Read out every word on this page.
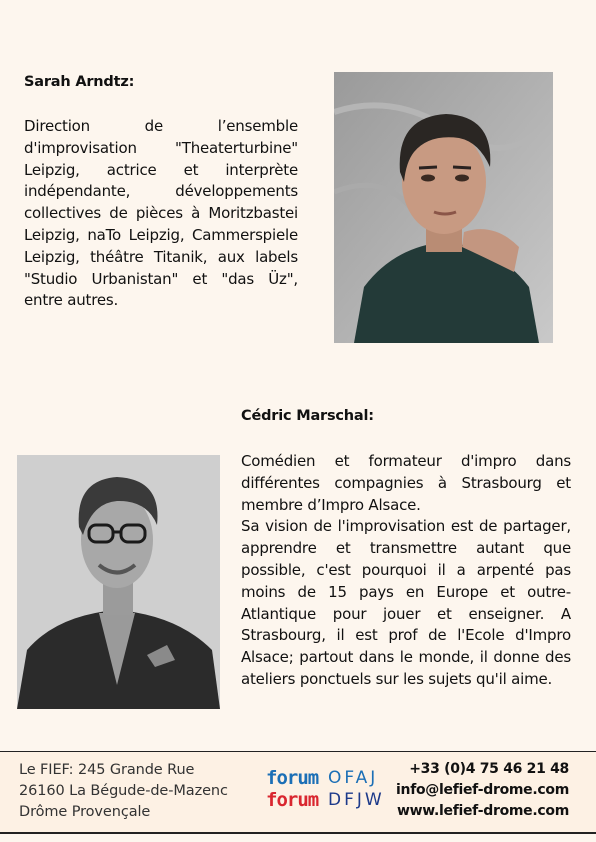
Sarah Arndtz:

Direction de l’ensemble d'improvisation "Theaterturbine" Leipzig, actrice et interprète indépendante, développements collectives de pièces à Moritzbastei Leipzig, naTo Leipzig, Cammerspiele Leipzig, théâtre Titanik, aux labels "Studio Urbanistan" et "das Üz", entre autres.

Cédric Marschal:

Comédien et formateur d'impro dans différentes compagnies à Strasbourg et membre d’Impro Alsace.

Sa vision de l'improvisation est de partager, apprendre et transmettre autant que possible, c'est pourquoi il a arpenté pas moins de 15 pays en Europe et outre-Atlantique pour jouer et enseigner. A Strasbourg, il est prof de l'Ecole d'Impro Alsace; partout dans le monde, il donne des ateliers ponctuels sur les sujets qu'il aime.

Le FIEF: 245 Grande Rue
26160 La Bégude-de-Mazenc
Drôme Provençale
forum
forum
OFAJ
DFJW
+33 (0)4 75 46 21 48
info@lefief-drome.com
www.lefief-drome.com
